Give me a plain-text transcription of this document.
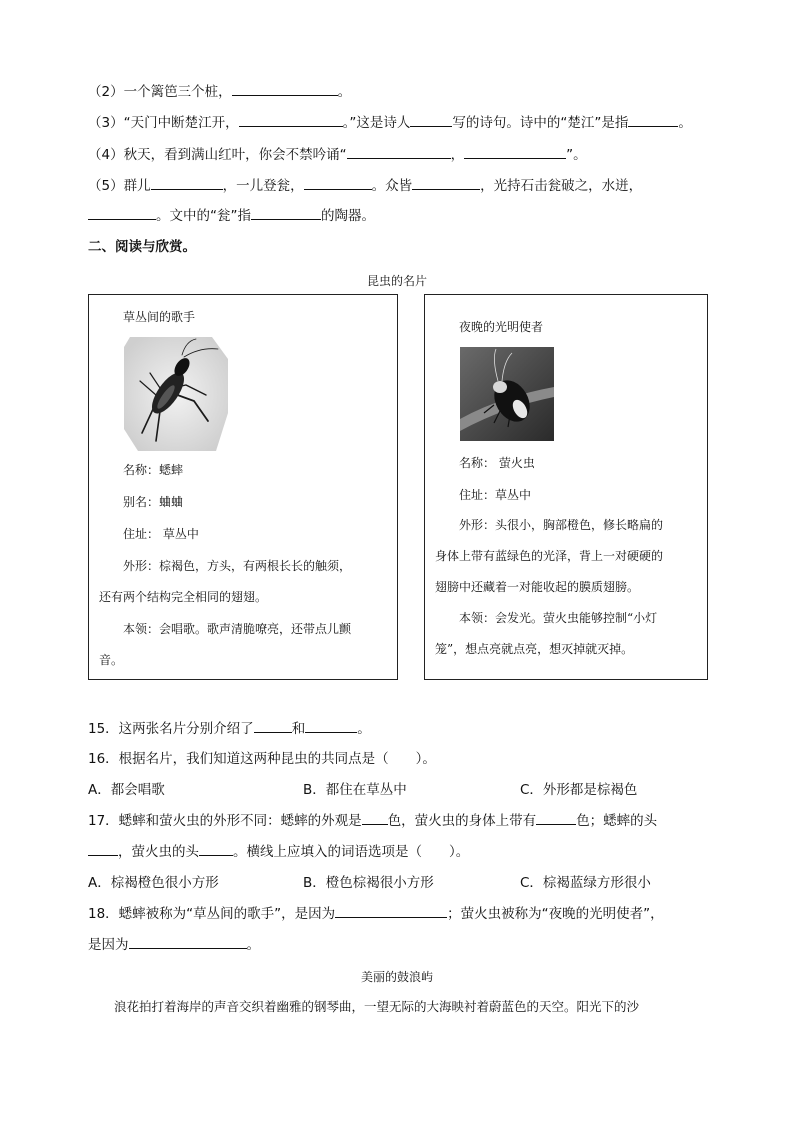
（2）一个篱笆三个桩，	。
（3）“天门中断楚江开，	。”这是诗人	写的诗句。诗中的“楚江”是指	。
（4）秋天，看到满山红叶，你会不禁吟诵“	，	”。
（5）群儿	，一儿登瓮，	。众皆	，光持石击瓮破之，水迸，
。文中的“瓮”指	的陶器。
二、阅读与欣赏。
昆虫的名片
草丛间的歌手
名称：蟋蟀
别名：蛐蛐
住址： 草丛中
外形：棕褐色，方头，有两根长长的触须，
还有两个结构完全相同的翅翅。
本领：会唱歌。歌声清脆嘹亮，还带点儿颤
音。
夜晚的光明使者
名称： 萤火虫
住址：草丛中
外形：头很小，胸部橙色，修长略扁的
身体上带有蓝绿色的光泽，背上一对硬硬的
翅膀中还藏着一对能收起的膜质翅膀。
本领：会发光。萤火虫能够控制“小灯
笼”，想点亮就点亮，想灭掉就灭掉。
15．这两张名片分别介绍了	和	。
16．根据名片，我们知道这两种昆虫的共同点是（　　）。
A．都会唱歌	B．都住在草丛中	C．外形都是棕褐色
17．蟋蟀和萤火虫的外形不同：蟋蟀的外观是 色，萤火虫的身体上带有	色；蟋蟀的头
，萤火虫的头	。横线上应填入的词语选项是（　　）。
A．棕褐橙色很小方形	B．橙色棕褐很小方形	C．棕褐蓝绿方形很小
18．蟋蟀被称为“草丛间的歌手”，是因为	；萤火虫被称为“夜晚的光明使者”，
是因为	。
美丽的鼓浪屿
浪花拍打着海岸的声音交织着幽雅的钢琴曲，一望无际的大海映衬着蔚蓝色的天空。阳光下的沙
